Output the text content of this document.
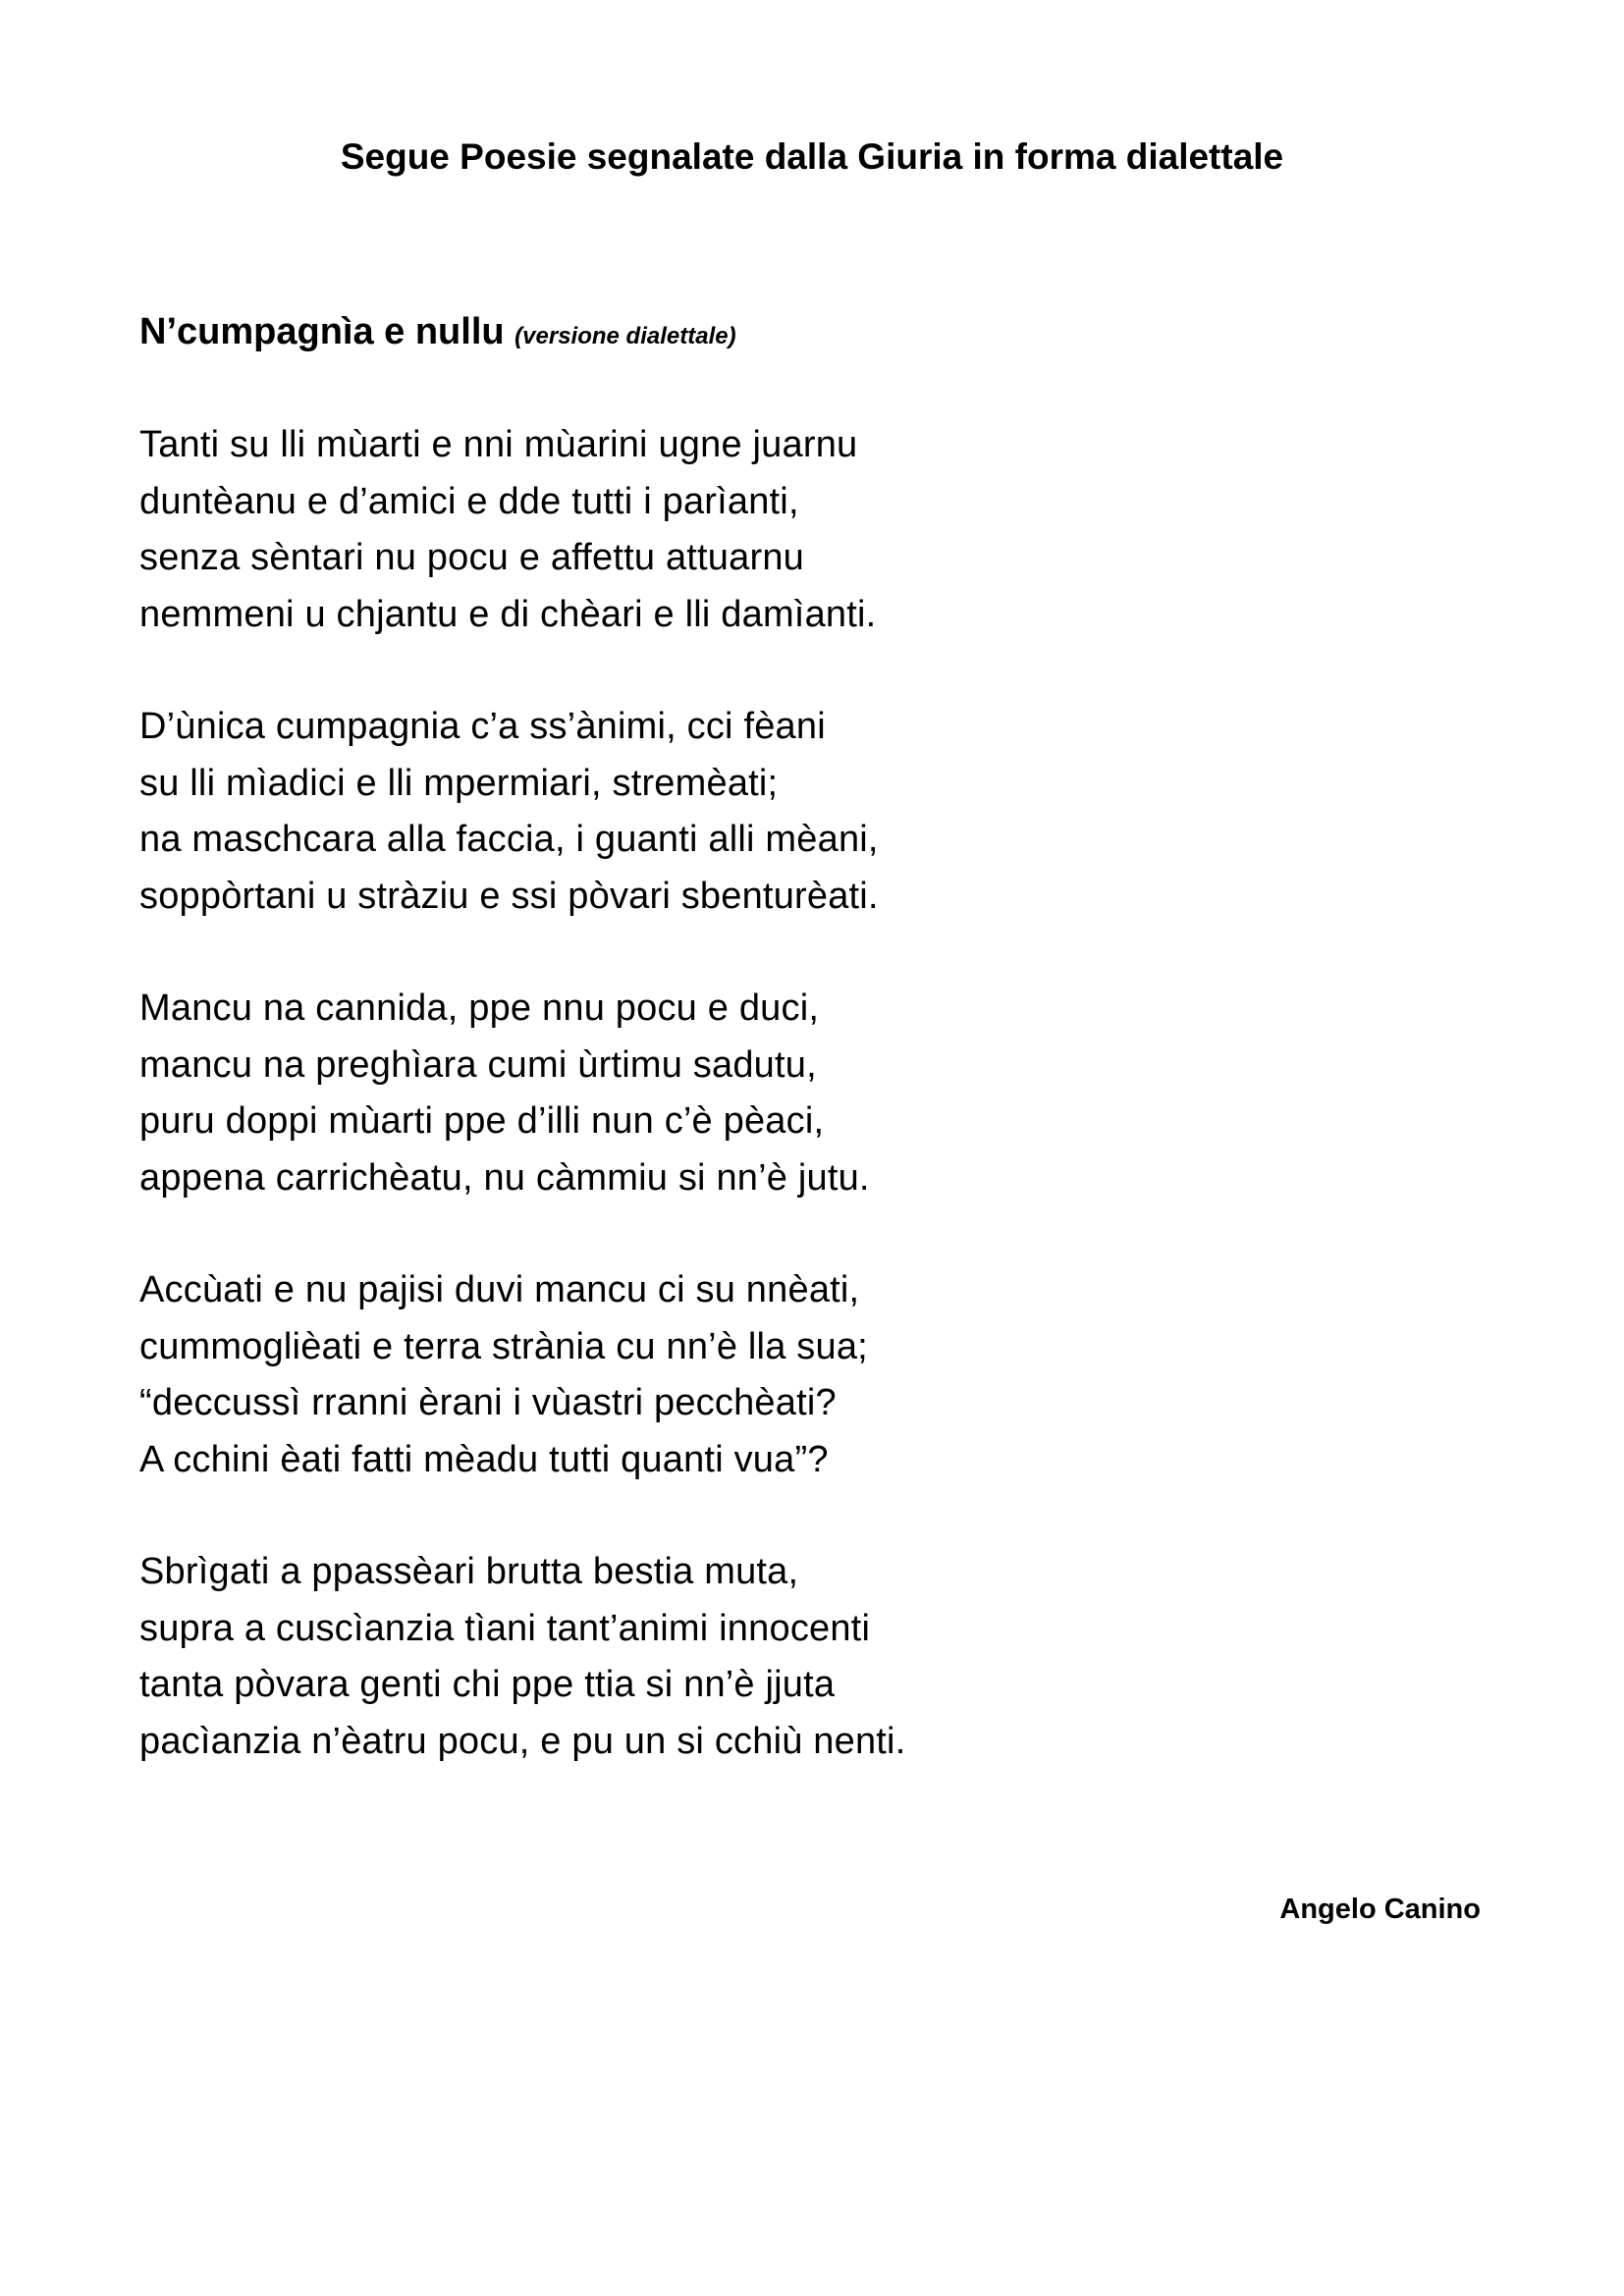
Segue Poesie segnalate dalla Giuria in forma dialettale
N’cumpagnìa e nullu (versione dialettale)

Tanti su lli mùarti e nni mùarini ugne juarnu
duntèanu e d’amici e dde tutti i parìanti,
senza sèntari nu pocu e affettu attuarnu
nemmeni u chjantu e di chèari e lli damìanti.

D’ùnica cumpagnia c’a ss’ànimi, cci fèani
su lli mìadici e lli mpermiari, stremèati;
na maschcara alla faccia, i guanti alli mèani,
soppòrtani u stràziu e ssi pòvari sbenturèati.

Mancu na cannida, ppe nnu pocu e duci,
mancu na preghìara cumi ùrtimu sadutu,
puru doppi mùarti ppe d’illi nun c’è pèaci,
appena carrichèatu, nu càmmiu si nn’è jutu.

Accùati e nu pajisi duvi mancu ci su nnèati,
cummoglièati e terra strània cu nn’è lla sua;
“deccussì rranni èrani i vùastri pecchèati?
A cchini èati fatti mèadu tutti quanti vua”?

Sbrìgati a ppassèari brutta bestia muta,
supra a cuscìanzia tìani tant’animi innocenti
tanta pòvara genti chi ppe ttia si nn’è jjuta
pacìanzia n’èatru pocu, e pu un si cchiù nenti.

Angelo Canino
